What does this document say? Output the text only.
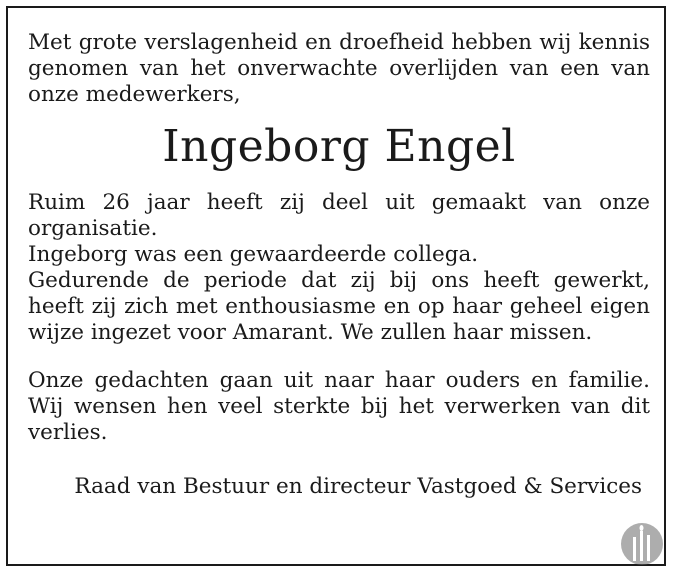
Met grote verslagenheid en droefheid hebben wij kennis genomen van het onverwachte overlijden van een van onze medewerkers,

Ingeborg Engel

Ruim 26 jaar heeft zij deel uit gemaakt van onze organisatie.

Ingeborg was een gewaardeerde collega.

Gedurende de periode dat zij bij ons heeft gewerkt, heeft zij zich met enthousiasme en op haar geheel eigen wijze ingezet voor Amarant. We zullen haar missen.

Onze gedachten gaan uit naar haar ouders en familie. Wij wensen hen veel sterkte bij het verwerken van dit verlies.

Raad van Bestuur en directeur Vastgoed & Services
